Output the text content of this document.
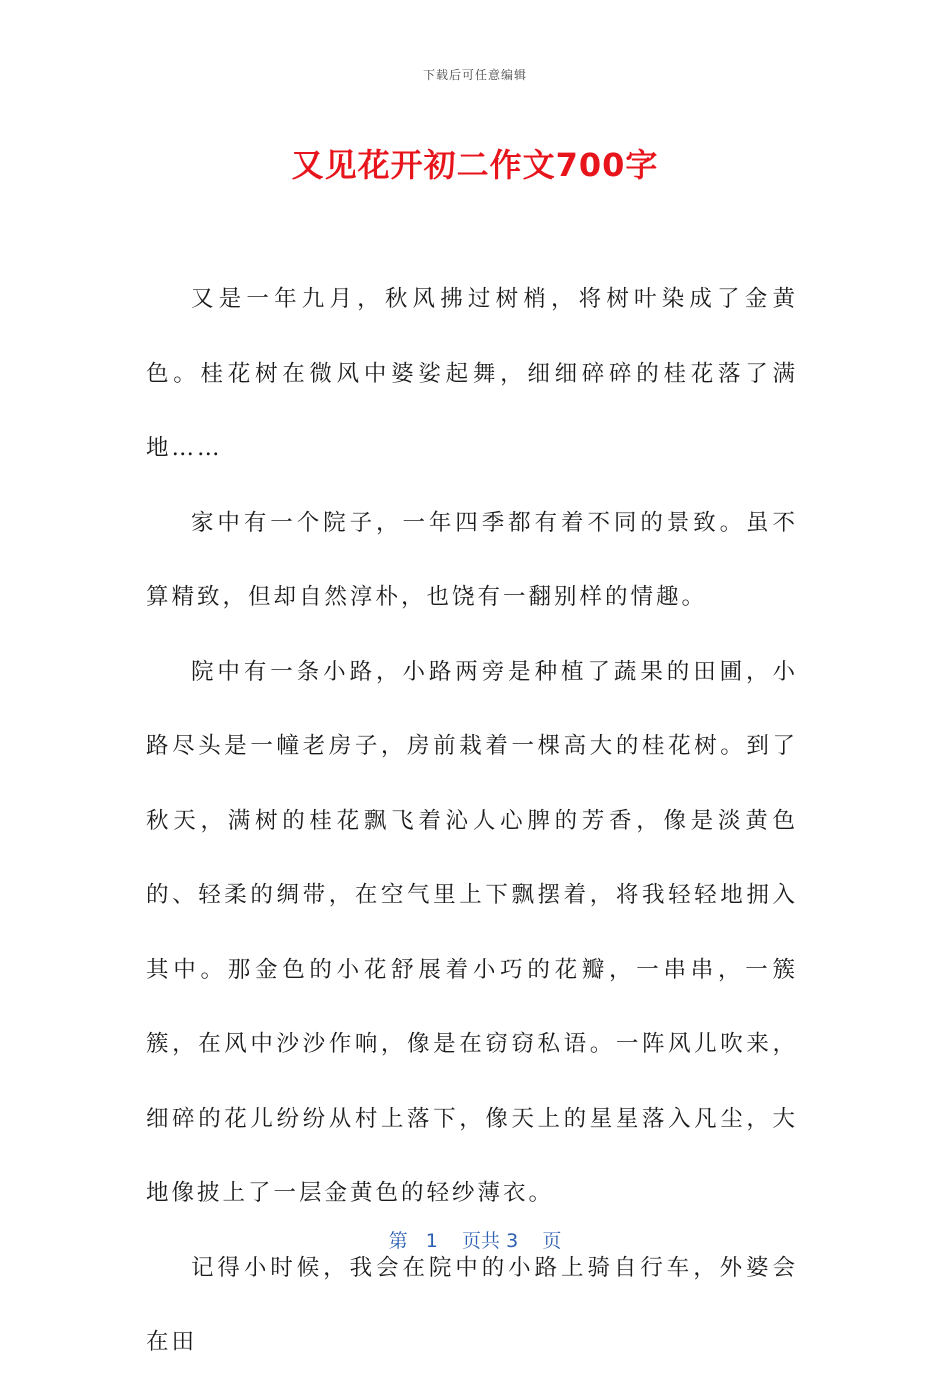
下载后可任意编辑
又见花开初二作文700字

又是一年九月，秋风拂过树梢，将树叶染成了金黄色。桂花树在微风中婆娑起舞，细细碎碎的桂花落了满地……

家中有一个院子，一年四季都有着不同的景致。虽不算精致，但却自然淳朴，也饶有一翻别样的情趣。

院中有一条小路，小路两旁是种植了蔬果的田圃，小路尽头是一幢老房子，房前栽着一棵高大的桂花树。到了秋天，满树的桂花飘飞着沁人心脾的芳香，像是淡黄色的、轻柔的绸带，在空气里上下飘摆着，将我轻轻地拥入其中。那金色的小花舒展着小巧的花瓣，一串串，一簇簇，在风中沙沙作响，像是在窃窃私语。一阵风儿吹来，细碎的花儿纷纷从村上落下，像天上的星星落入凡尘，大地像披上了一层金黄色的轻纱薄衣。

记得小时候，我会在院中的小路上骑自行车，外婆会在田

第 1 页共 3 页
